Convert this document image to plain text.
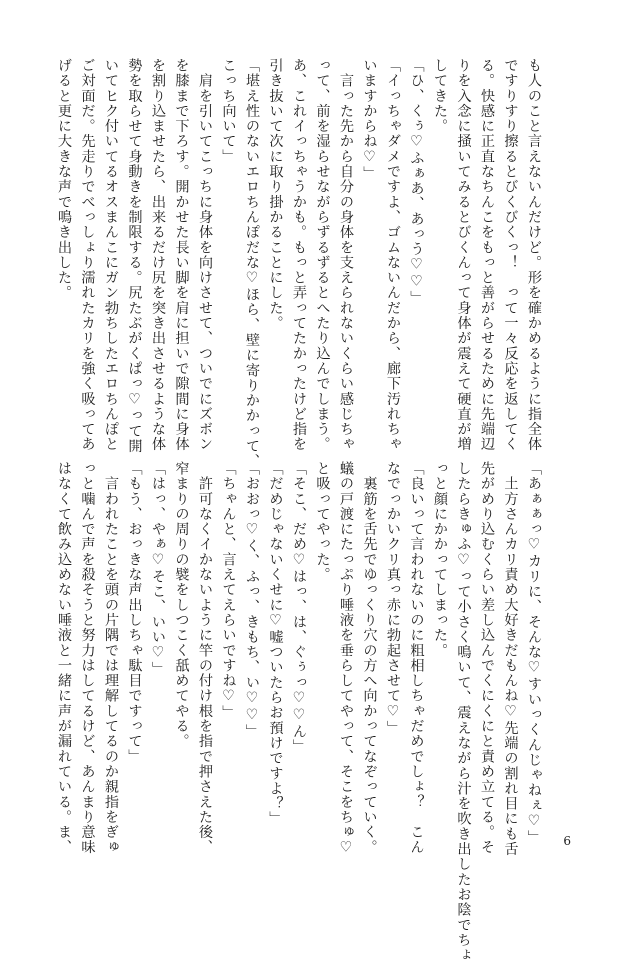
も人のこと言えないんだけど。形を確かめるように指全体
ですりすり擦るとびくびくっ！　って一々反応を返してく
る。快感に正直なちんこをもっと善がらせるために先端辺
りを入念に掻いてみるとびくんって身体が震えて硬直が増
してきた。
「ひ、くぅ♡ふぁあ、あっう♡♡」
「イっちゃダメですよ、ゴムないんだから、廊下汚れちゃ
いますからね♡」
　言った先から自分の身体を支えられないくらい感じちゃ
って、前を湿らせながらずるずるとへたり込んでしまう。
あ、これイっちゃうかも。もっと弄ってたかったけど指を
引き抜いて次に取り掛かることにした。
「堪え性のないエロちんぽだな♡ほら、壁に寄りかかって、
こっち向いて」
　肩を引いてこっちに身体を向けさせて、ついでにズボン
を膝まで下ろす。開かせた長い脚を肩に担いで隙間に身体
を割り込ませたら、出来るだけ尻を突き出させるような体
勢を取らせて身動きを制限する。尻たぶがくぱっ♡って開
いてヒク付いてるオスまんこにガン勃ちしたエロちんぽと
ご対面だ。先走りでべっしょり濡れたカリを強く吸ってあ
げると更に大きな声で鳴き出した。
「あぁぁっ♡カリに、そんな♡すいっくんじゃねぇ♡」
　土方さんカリ責め大好きだもんね♡先端の割れ目にも舌
先がめり込むくらい差し込んでくにくにと責め立てる。そ
したらきゅふ♡って小さく鳴いて、震えながら汁を吹き出したお陰でちょ
っと顔にかかってしまった。
「良いって言われないのに粗相しちゃだめでしょ？　こん
なでっかいクリ真っ赤に勃起させて♡」
　裏筋を舌先でゆっくり穴の方へ向かってなぞっていく。
蟻の戸渡にたっぷり唾液を垂らしてやって、そこをちゅ♡
と吸ってやった。
「そこ、だめ♡はっ、は、ぐぅっ♡♡ん」
「だめじゃないくせに♡嘘ついたらお預けですよ？」
「おおっ♡く、ふっ、きもち、い♡♡」
「ちゃんと、言えてえらいですね♡」
　許可なくイかないように竿の付け根を指で押さえた後、
窄まりの周りの襞をしつこく舐めてやる。
「はっ、やぁ♡そこ、いい♡」
「もう、おっきな声出しちゃ駄目ですって」
　言われたことを頭の片隅では理解してるのか親指をぎゅ
っと噛んで声を殺そうと努力はしてるけど、あんまり意味
はなくて飲み込めない唾液と一緒に声が漏れている。ま、	6
